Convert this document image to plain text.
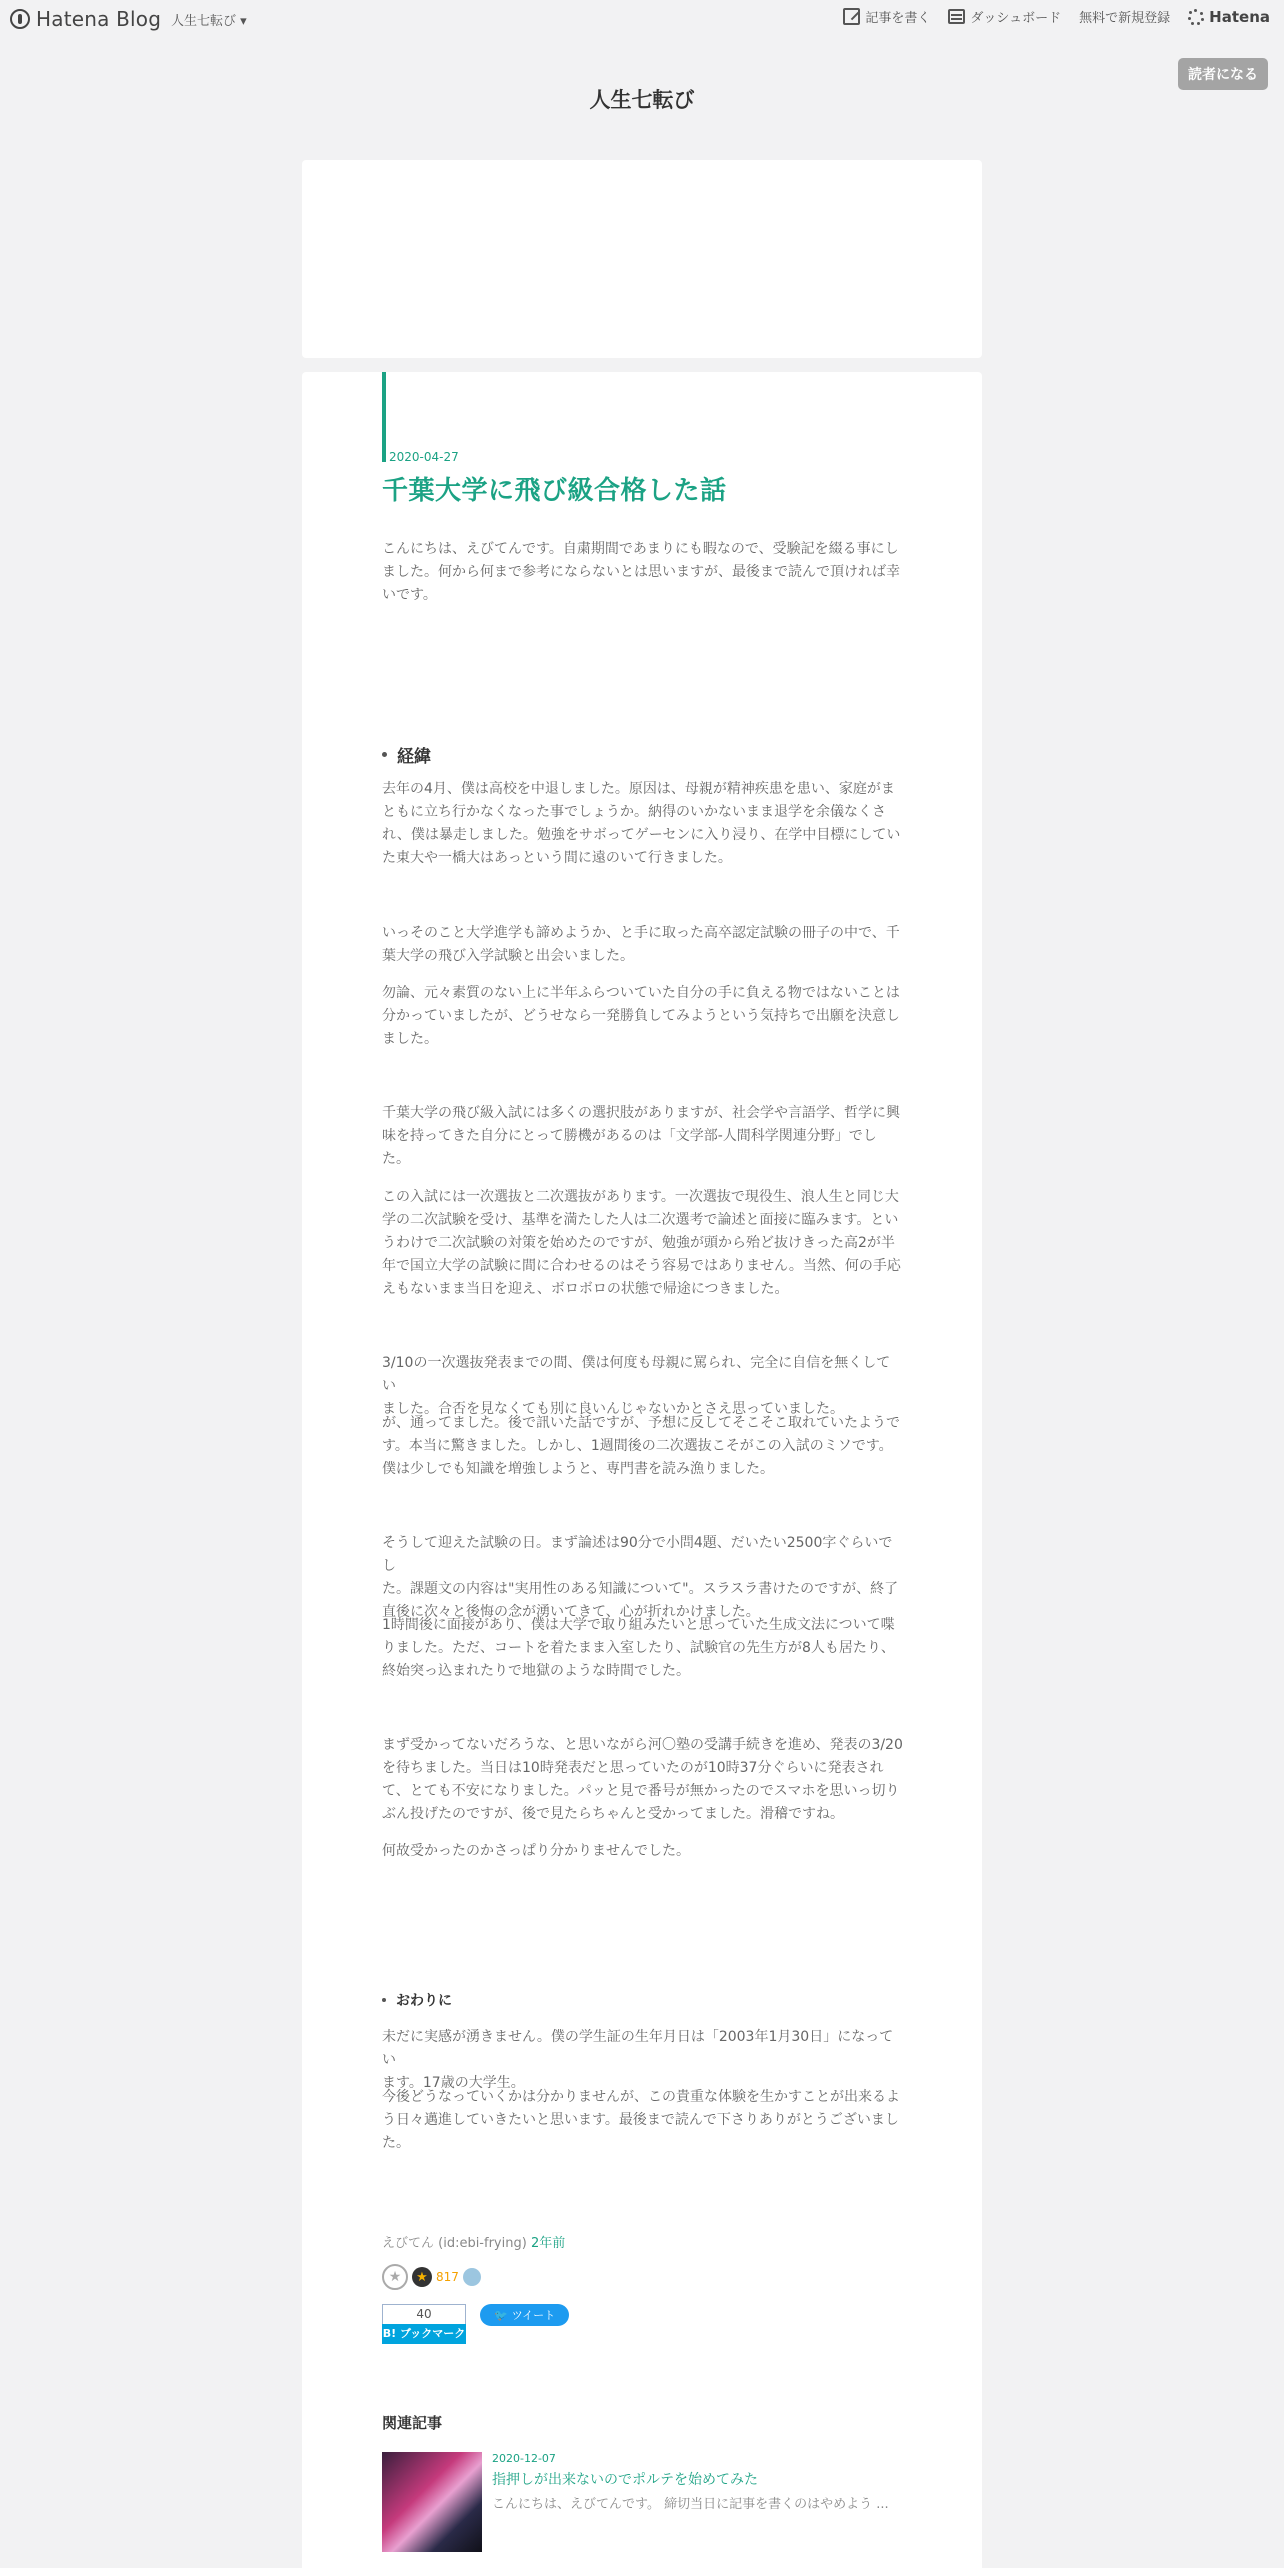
Hatena Blog 人生七転び ▾	記事を書く	ダッシュボード 無料で新規登録	Hatena
読者になる
人生七転び
2020-04-27
千葉大学に飛び級合格した話

こんにちは、えびてんです。自粛期間であまりにも暇なので、受験記を綴る事にし

ました。何から何まで参考にならないとは思いますが、最後まで読んで頂ければ幸

いです。

経緯

去年の4月、僕は高校を中退しました。原因は、母親が精神疾患を患い、家庭がま

ともに立ち行かなくなった事でしょうか。納得のいかないまま退学を余儀なくさ

れ、僕は暴走しました。勉強をサボってゲーセンに入り浸り、在学中目標にしてい

た東大や一橋大はあっという間に遠のいて行きました。

いっそのこと大学進学も諦めようか、と手に取った高卒認定試験の冊子の中で、千

葉大学の飛び入学試験と出会いました。

勿論、元々素質のない上に半年ふらついていた自分の手に負える物ではないことは

分かっていましたが、どうせなら一発勝負してみようという気持ちで出願を決意し

ました。

千葉大学の飛び級入試には多くの選択肢がありますが、社会学や言語学、哲学に興

味を持ってきた自分にとって勝機があるのは「文学部-人間科学関連分野」でし

た。

この入試には一次選抜と二次選抜があります。一次選抜で現役生、浪人生と同じ大

学の二次試験を受け、基準を満たした人は二次選考で論述と面接に臨みます。とい

うわけで二次試験の対策を始めたのですが、勉強が頭から殆ど抜けきった高2が半

年で国立大学の試験に間に合わせるのはそう容易ではありません。当然、何の手応

えもないまま当日を迎え、ボロボロの状態で帰途につきました。

3/10の一次選抜発表までの間、僕は何度も母親に罵られ、完全に自信を無くしてい

ました。合否を見なくても別に良いんじゃないかとさえ思っていました。

が、通ってました。後で訊いた話ですが、予想に反してそこそこ取れていたようで

す。本当に驚きました。しかし、1週間後の二次選抜こそがこの入試のミソです。

僕は少しでも知識を増強しようと、専門書を読み漁りました。

そうして迎えた試験の日。まず論述は90分で小問4題、だいたい2500字ぐらいでし

た。課題文の内容は"実用性のある知識について"。スラスラ書けたのですが、終了

直後に次々と後悔の念が湧いてきて、心が折れかけました。

1時間後に面接があり、僕は大学で取り組みたいと思っていた生成文法について喋

りました。ただ、コートを着たまま入室したり、試験官の先生方が8人も居たり、

終始突っ込まれたりで地獄のような時間でした。

まず受かってないだろうな、と思いながら河〇塾の受講手続きを進め、発表の3/20

を待ちました。当日は10時発表だと思っていたのが10時37分ぐらいに発表され

て、とても不安になりました。パッと見で番号が無かったのでスマホを思いっ切り

ぶん投げたのですが、後で見たらちゃんと受かってました。滑稽ですね。

何故受かったのかさっぱり分かりませんでした。

おわりに

未だに実感が湧きません。僕の学生証の生年月日は「2003年1月30日」になってい

ます。17歳の大学生。

今後どうなっていくかは分かりませんが、この貴重な体験を生かすことが出来るよ

う日々邁進していきたいと思います。最後まで読んで下さりありがとうございまし

た。

えびてん (id:ebi-frying) 2年前
★	★ 817
40
B! ブックマーク
🐦 ツイート
関連記事
2020-12-07
指押しが出来ないのでポルテを始めてみた
こんにちは、えびてんです。 締切当日に記事を書くのはやめよう ...
